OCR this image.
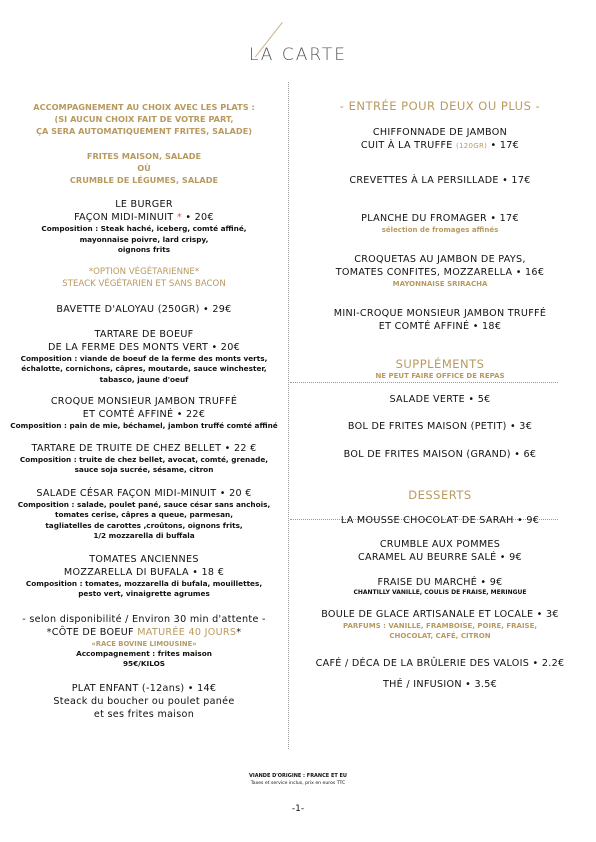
LA CARTE
ACCOMPAGNEMENT AU CHOIX AVEC LES PLATS :
(SI AUCUN CHOIX FAIT DE VOTRE PART,
ÇA SERA AUTOMATIQUEMENT FRITES, SALADE)
FRITES MAISON, SALADE
OÙ
CRUMBLE DE LÉGUMES, SALADE
LE BURGER
FAÇON MIDI-MINUIT * • 20€
Composition : Steak haché, iceberg, comté affiné,
mayonnaise poivre, lard crispy,
oignons frits
*OPTION VÉGÉTARIENNE*
STEACK VÉGÉTARIEN ET SANS BACON
BAVETTE D'ALOYAU (250GR) • 29€
TARTARE DE BOEUF
DE LA FERME DES MONTS VERT • 20€
Composition : viande de boeuf de la ferme des monts verts,
échalotte, cornichons, câpres, moutarde, sauce winchester,
tabasco, jaune d'oeuf
CROQUE MONSIEUR JAMBON TRUFFÉ
ET COMTÉ AFFINÉ • 22€
Composition : pain de mie, béchamel, jambon truffé comté affiné
TARTARE DE TRUITE DE CHEZ BELLET • 22 €
Composition : truite de chez bellet, avocat, comté, grenade,
sauce soja sucrée, sésame, citron
SALADE CÉSAR FAÇON MIDI-MINUIT • 20 €
Composition : salade, poulet pané, sauce césar sans anchois,
tomates cerise, câpres a queue, parmesan,
tagliatelles de carottes ,croûtons, oignons frits,
1/2 mozzarella di buffala
TOMATES ANCIENNES
MOZZARELLA DI BUFALA • 18 €
Composition : tomates, mozzarella di bufala, mouillettes,
pesto vert, vinaigrette agrumes
- selon disponibilité / Environ 30 min d'attente -
*CÔTE DE BOEUF MATURÉE 40 JOURS*
«RACE BOVINE LIMOUSINE»
Accompagnement : frites maison
95€/KILOS
PLAT ENFANT (-12ans) • 14€
Steack du boucher ou poulet panée
et ses frites maison
- ENTRÉE POUR DEUX OU PLUS -
CHIFFONNADE DE JAMBON
CUIT À LA TRUFFE (120GR) • 17€
CREVETTES À LA PERSILLADE • 17€
PLANCHE DU FROMAGER • 17€
sélection de fromages affinés
CROQUETAS AU JAMBON DE PAYS,
TOMATES CONFITES, MOZZARELLA • 16€
MAYONNAISE SRIRACHA
MINI-CROQUE MONSIEUR JAMBON TRUFFÉ
ET COMTÉ AFFINÉ • 18€
SUPPLÉMENTS
NE PEUT FAIRE OFFICE DE REPAS
SALADE VERTE • 5€
BOL DE FRITES MAISON (PETIT) • 3€
BOL DE FRITES MAISON (GRAND) • 6€
DESSERTS
LA MOUSSE CHOCOLAT DE SARAH • 9€
CRUMBLE AUX POMMES
CARAMEL AU BEURRE SALÉ • 9€
FRAISE DU MARCHÉ • 9€
CHANTILLY VANILLE, COULIS DE FRAISE, MERINGUE
BOULE DE GLACE ARTISANALE ET LOCALE • 3€
PARFUMS : VANILLE, FRAMBOISE, POIRE, FRAISE,
CHOCOLAT, CAFÉ, CITRON
CAFÉ / DÉCA DE LA BRÛLERIE DES VALOIS • 2.2€
THÉ / INFUSION • 3.5€
VIANDE D'ORIGINE : FRANCE ET EU
Taxes et service inclus, prix en euros TTC
-1-
